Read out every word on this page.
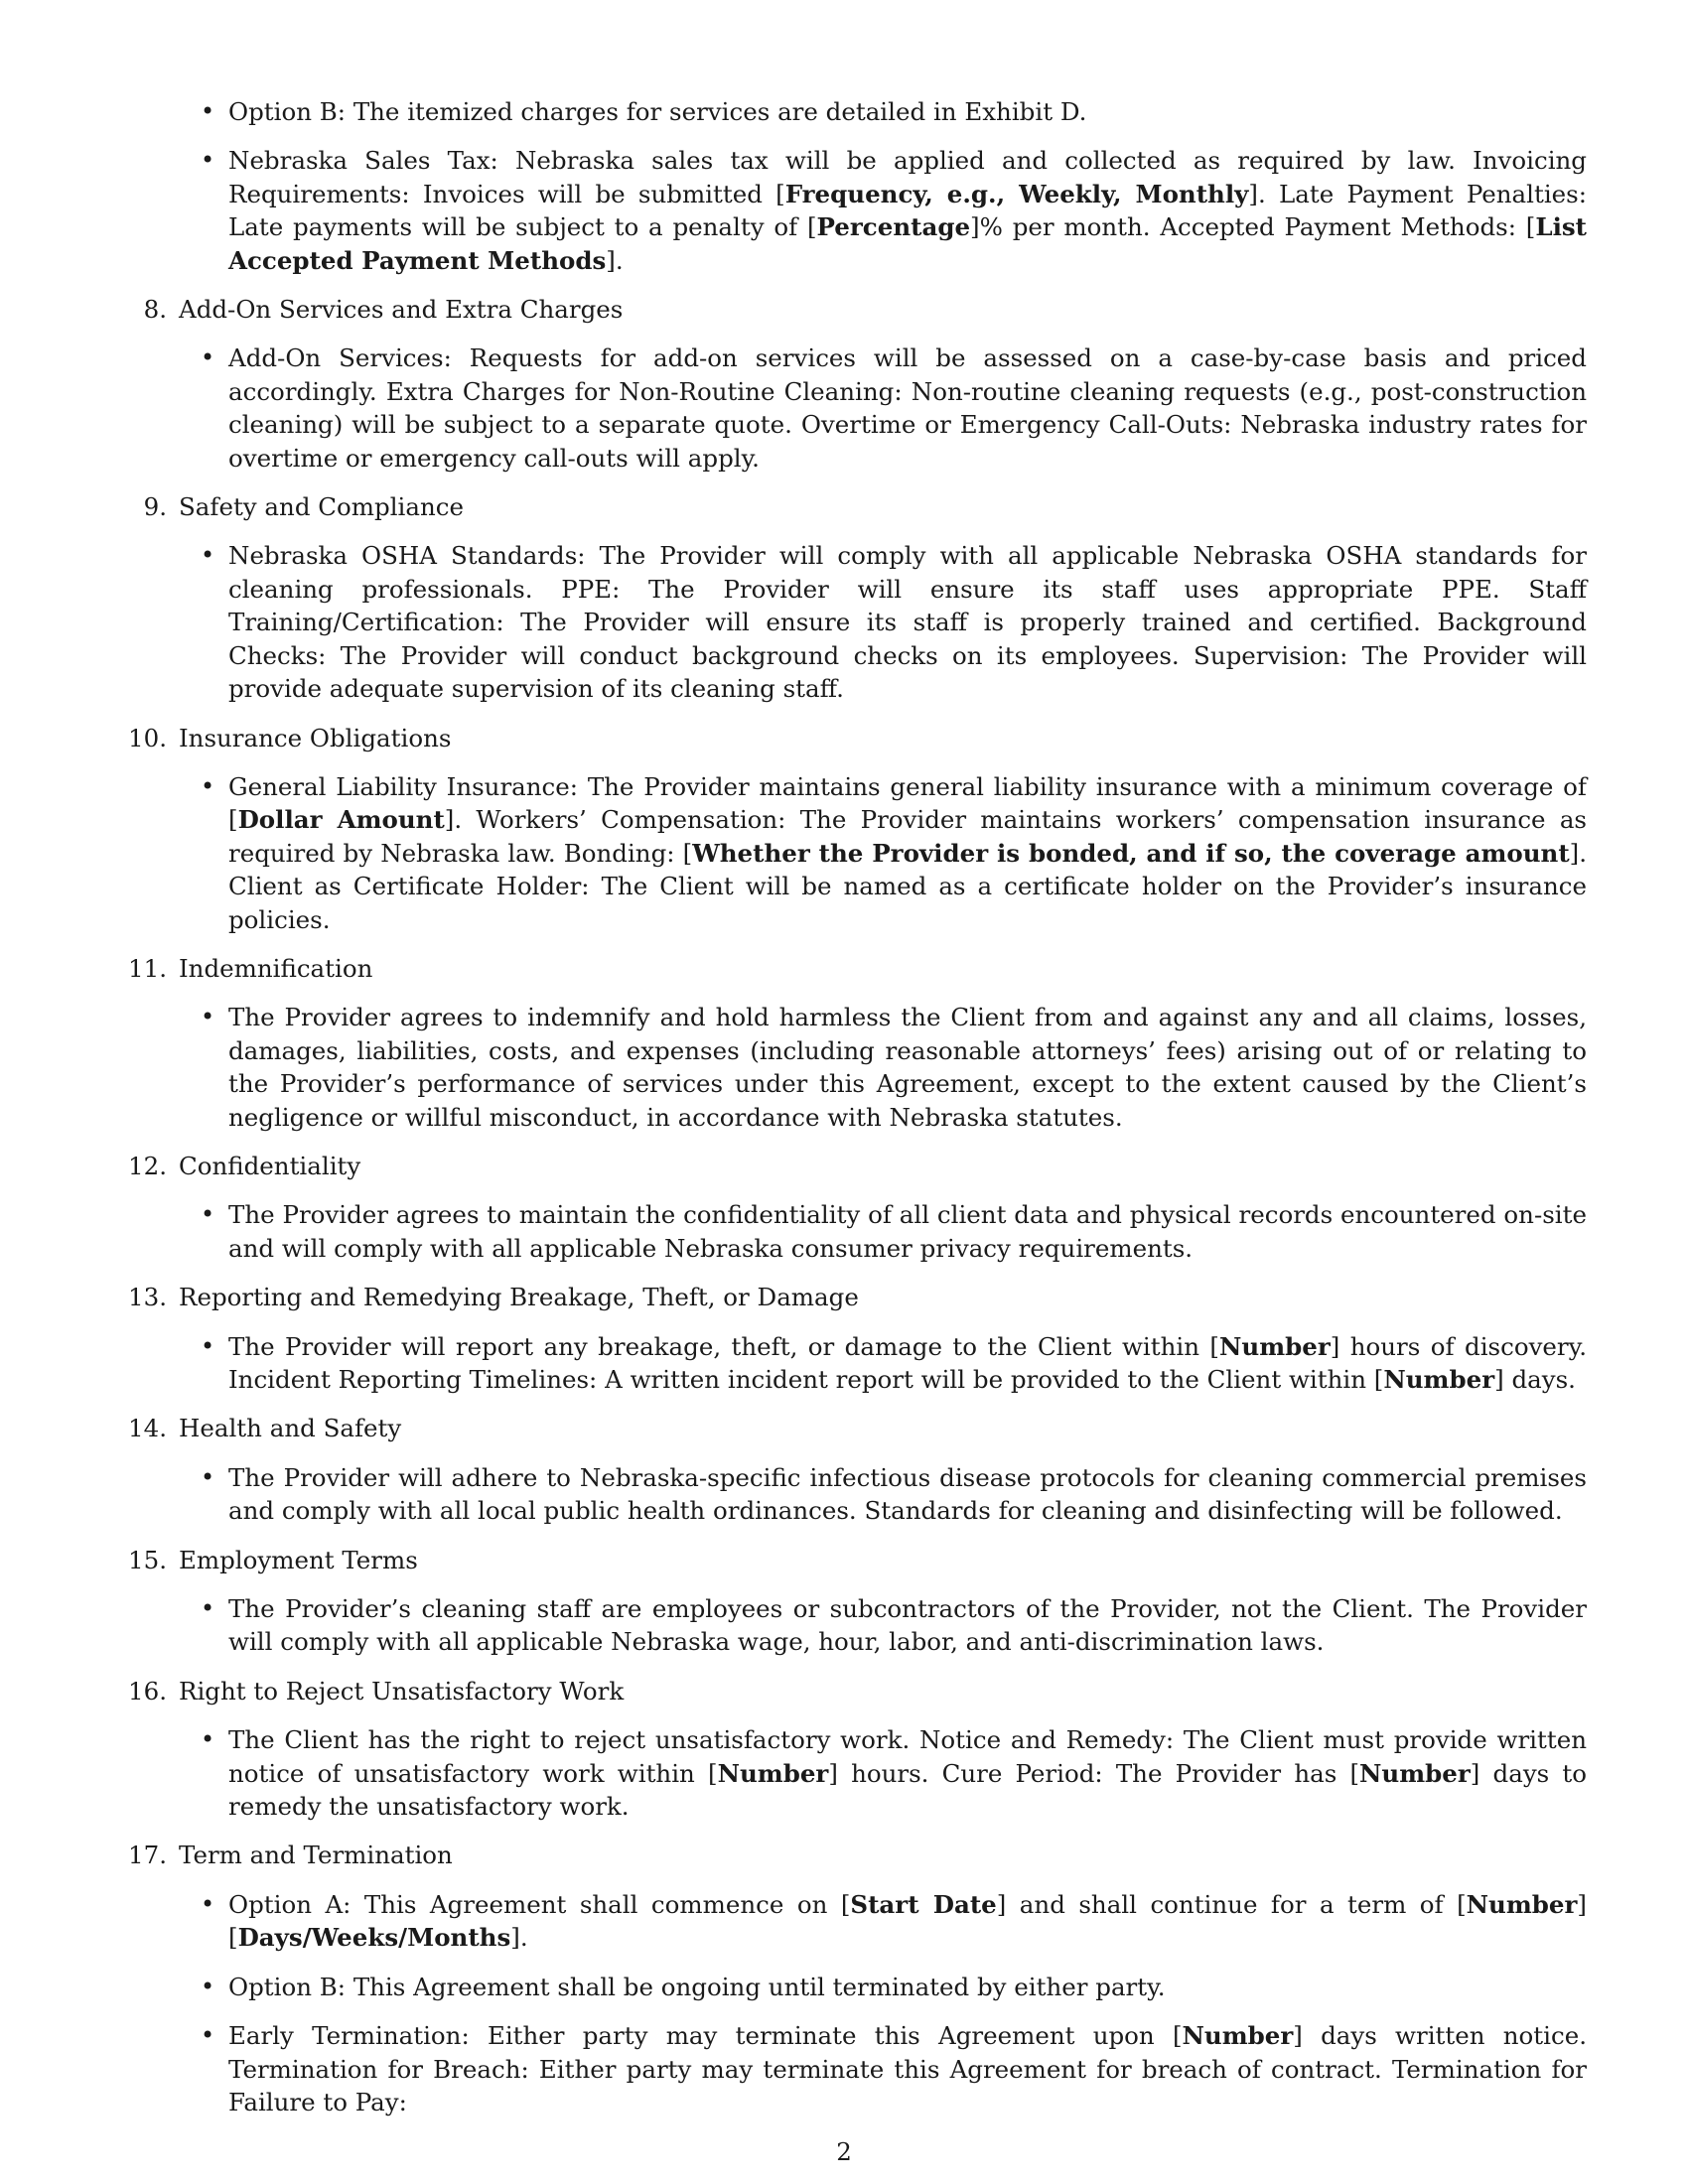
• Option B: The itemized charges for services are detailed in Exhibit D.
• Nebraska Sales Tax: Nebraska sales tax will be applied and collected as required by law. Invoicing Requirements: Invoices will be submitted [Frequency, e.g., Weekly, Monthly]. Late Payment Penalties: Late payments will be subject to a penalty of [Percentage]% per month. Accepted Payment Methods: [List Accepted Payment Methods].
8. Add-On Services and Extra Charges
• Add-On Services: Requests for add-on services will be assessed on a case-by-case basis and priced accordingly. Extra Charges for Non-Routine Cleaning: Non-routine cleaning requests (e.g., post-construction cleaning) will be subject to a separate quote. Overtime or Emergency Call-Outs: Nebraska industry rates for overtime or emergency call-outs will apply.
9. Safety and Compliance
• Nebraska OSHA Standards: The Provider will comply with all applicable Nebraska OSHA standards for cleaning professionals. PPE: The Provider will ensure its staff uses appropriate PPE. Staff Training/Certification: The Provider will ensure its staff is properly trained and certified. Background Checks: The Provider will conduct background checks on its employees. Supervision: The Provider will provide adequate supervision of its cleaning staff.
10. Insurance Obligations
• General Liability Insurance: The Provider maintains general liability insurance with a minimum coverage of [Dollar Amount]. Workers’ Compensation: The Provider maintains workers’ compensation insurance as required by Nebraska law. Bonding: [Whether the Provider is bonded, and if so, the coverage amount]. Client as Certificate Holder: The Client will be named as a certificate holder on the Provider’s insurance policies.
11. Indemnification
• The Provider agrees to indemnify and hold harmless the Client from and against any and all claims, losses, damages, liabilities, costs, and expenses (including reasonable attorneys’ fees) arising out of or relating to the Provider’s performance of services under this Agreement, except to the extent caused by the Client’s negligence or willful misconduct, in accordance with Nebraska statutes.
12. Confidentiality
• The Provider agrees to maintain the confidentiality of all client data and physical records encountered on-site and will comply with all applicable Nebraska consumer privacy requirements.
13. Reporting and Remedying Breakage, Theft, or Damage
• The Provider will report any breakage, theft, or damage to the Client within [Number] hours of discovery. Incident Reporting Timelines: A written incident report will be provided to the Client within [Number] days.
14. Health and Safety
• The Provider will adhere to Nebraska-specific infectious disease protocols for cleaning commercial premises and comply with all local public health ordinances. Standards for cleaning and disinfecting will be followed.
15. Employment Terms
• The Provider’s cleaning staff are employees or subcontractors of the Provider, not the Client. The Provider will comply with all applicable Nebraska wage, hour, labor, and anti-discrimination laws.
16. Right to Reject Unsatisfactory Work
• The Client has the right to reject unsatisfactory work. Notice and Remedy: The Client must provide written notice of unsatisfactory work within [Number] hours. Cure Period: The Provider has [Number] days to remedy the unsatisfactory work.
17. Term and Termination
• Option A: This Agreement shall commence on [Start Date] and shall continue for a term of [Number] [Days/Weeks/Months].
• Option B: This Agreement shall be ongoing until terminated by either party.
• Early Termination: Either party may terminate this Agreement upon [Number] days written notice. Termination for Breach: Either party may terminate this Agreement for breach of contract. Termination for Failure to Pay:
2
